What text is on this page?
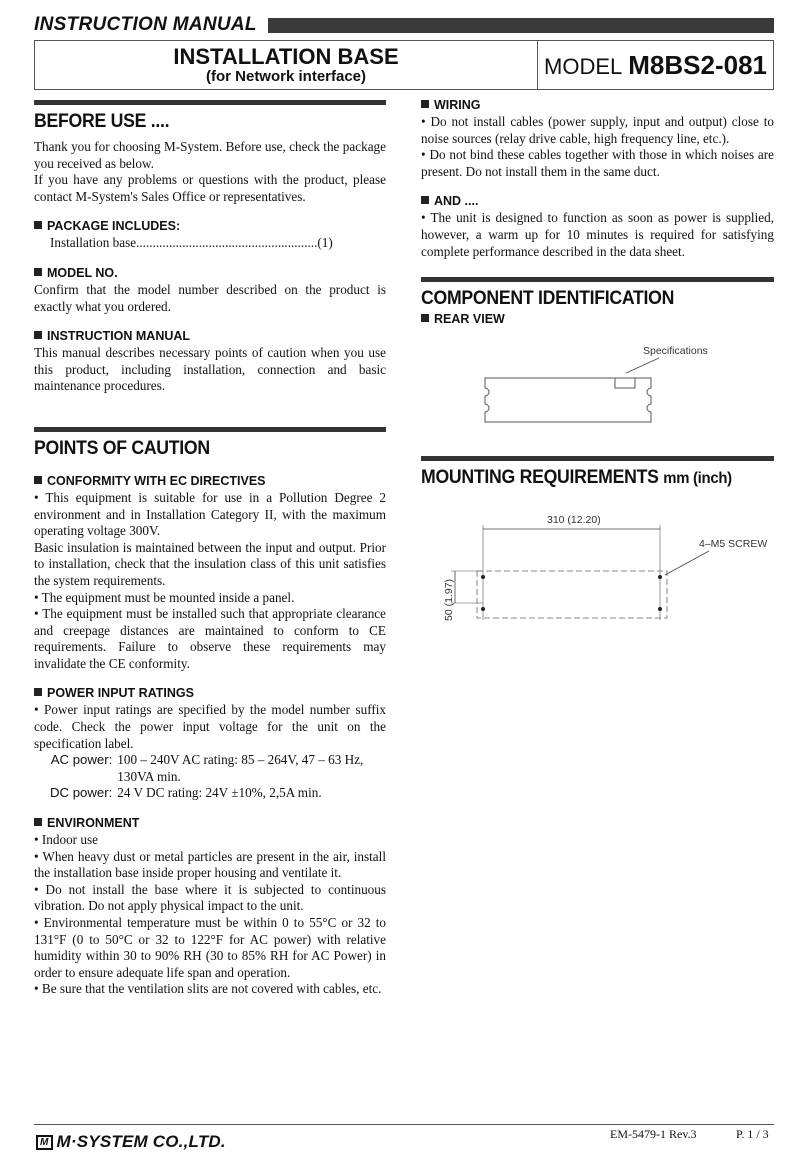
INSTRUCTION MANUAL
INSTALLATION BASE
(for Network interface)	MODEL M8BS2-081
BEFORE USE ....

Thank you for choosing M-System. Before use, check the package you received as below.

If you have any problems or questions with the product, please contact M-System's Sales Office or representatives.

PACKAGE INCLUDES:

Installation base.......................................................(1)

MODEL NO.

Confirm that the model number described on the product is exactly what you ordered.

INSTRUCTION MANUAL

This manual describes necessary points of caution when you use this product, including installation, connection and basic maintenance procedures.

POINTS OF CAUTION
CONFORMITY WITH EC DIRECTIVES

• This equipment is suitable for use in a Pollution Degree 2 environment and in Installation Category II, with the maximum operating voltage 300V.

Basic insulation is maintained between the input and output. Prior to installation, check that the insulation class of this unit satisfies the system requirements.

• The equipment must be mounted inside a panel.

• The equipment must be installed such that appropriate clearance and creepage distances are maintained to conform to CE requirements. Failure to observe these requirements may invalidate the CE conformity.

POWER INPUT RATINGS

• Power input ratings are specified by the model number suffix code. Check the power input voltage for the unit on the specification label.

AC power:	100 – 240V AC rating: 85 – 264V, 47 – 63 Hz, 130VA min.
DC power:	24 V DC rating: 24V ±10%, 2,5A min.
ENVIRONMENT

• Indoor use

• When heavy dust or metal particles are present in the air, install the installation base inside proper housing and ventilate it.

• Do not install the base where it is subjected to continuous vibration. Do not apply physical impact to the unit.

• Environmental temperature must be within 0 to 55°C or 32 to 131°F (0 to 50°C or 32 to 122°F for AC power) with relative humidity within 30 to 90% RH (30 to 85% RH for AC Power) in order to ensure adequate life span and operation.

• Be sure that the ventilation slits are not covered with cables, etc.

WIRING

• Do not install cables (power supply, input and output) close to noise sources (relay drive cable, high frequency line, etc.).

• Do not bind these cables together with those in which noises are present. Do not install them in the same duct.

AND ....

• The unit is designed to function as soon as power is supplied, however, a warm up for 10 minutes is required for satisfying complete performance described in the data sheet.

COMPONENT IDENTIFICATION
REAR VIEW
Specifications
MOUNTING REQUIREMENTS mm (inch)
310 (12.20)
50 (1.97)
4–M5 SCREW
M M·SYSTEM CO.,LTD.	EM-5479-1 Rev.3	P. 1 / 3
